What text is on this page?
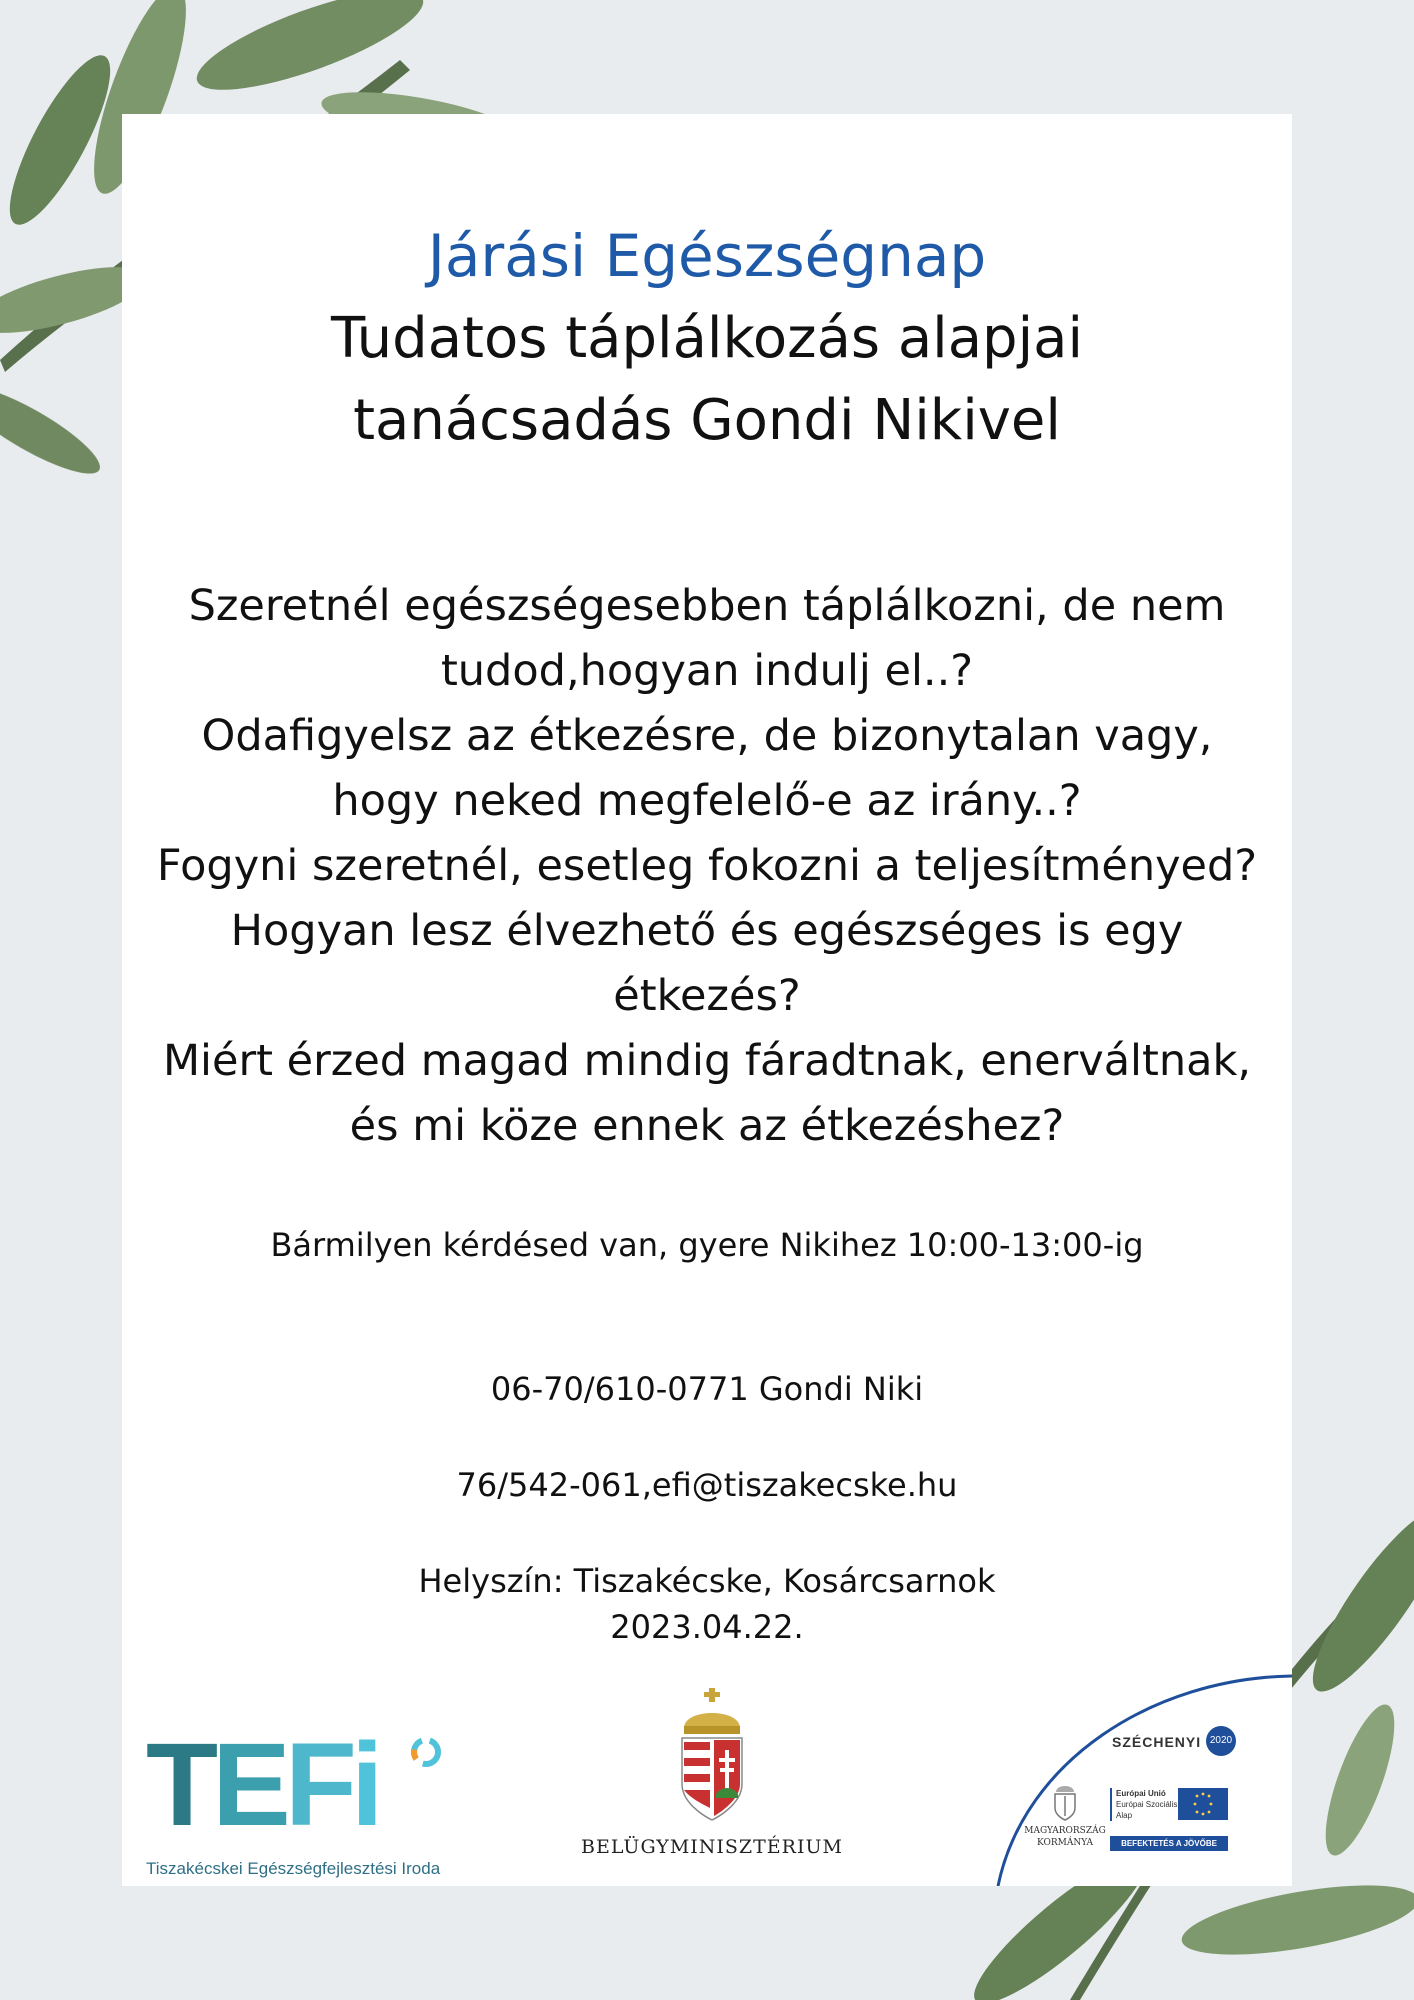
Járási Egészségnap
Tudatos táplálkozás alapjai
tanácsadás Gondi Nikivel
Szeretnél egészségesebben táplálkozni, de nem
tudod,hogyan indulj el..?
Odafigyelsz az étkezésre, de bizonytalan vagy,
hogy neked megfelelő-e az irány..?
Fogyni szeretnél, esetleg fokozni a teljesítményed?
Hogyan lesz élvezhető és egészséges is egy
étkezés?
Miért érzed magad mindig fáradtnak, enerváltnak,
és mi köze ennek az étkezéshez?
Bármilyen kérdésed van, gyere Nikihez 10:00-13:00-ig
06-70/610-0771 Gondi Niki
76/542-061,efi@tiszakecske.hu
Helyszín: Tiszakécske, Kosárcsarnok
2023.04.22.
TEFi
Tiszakécskei Egészségfejlesztési Iroda
BELÜGYMINISZTÉRIUM
SZÉCHENYI 2020
MAGYARORSZÁG
KORMÁNYA
Európai Unió
Európai Szociális
Alap
BEFEKTETÉS A JÖVŐBE
